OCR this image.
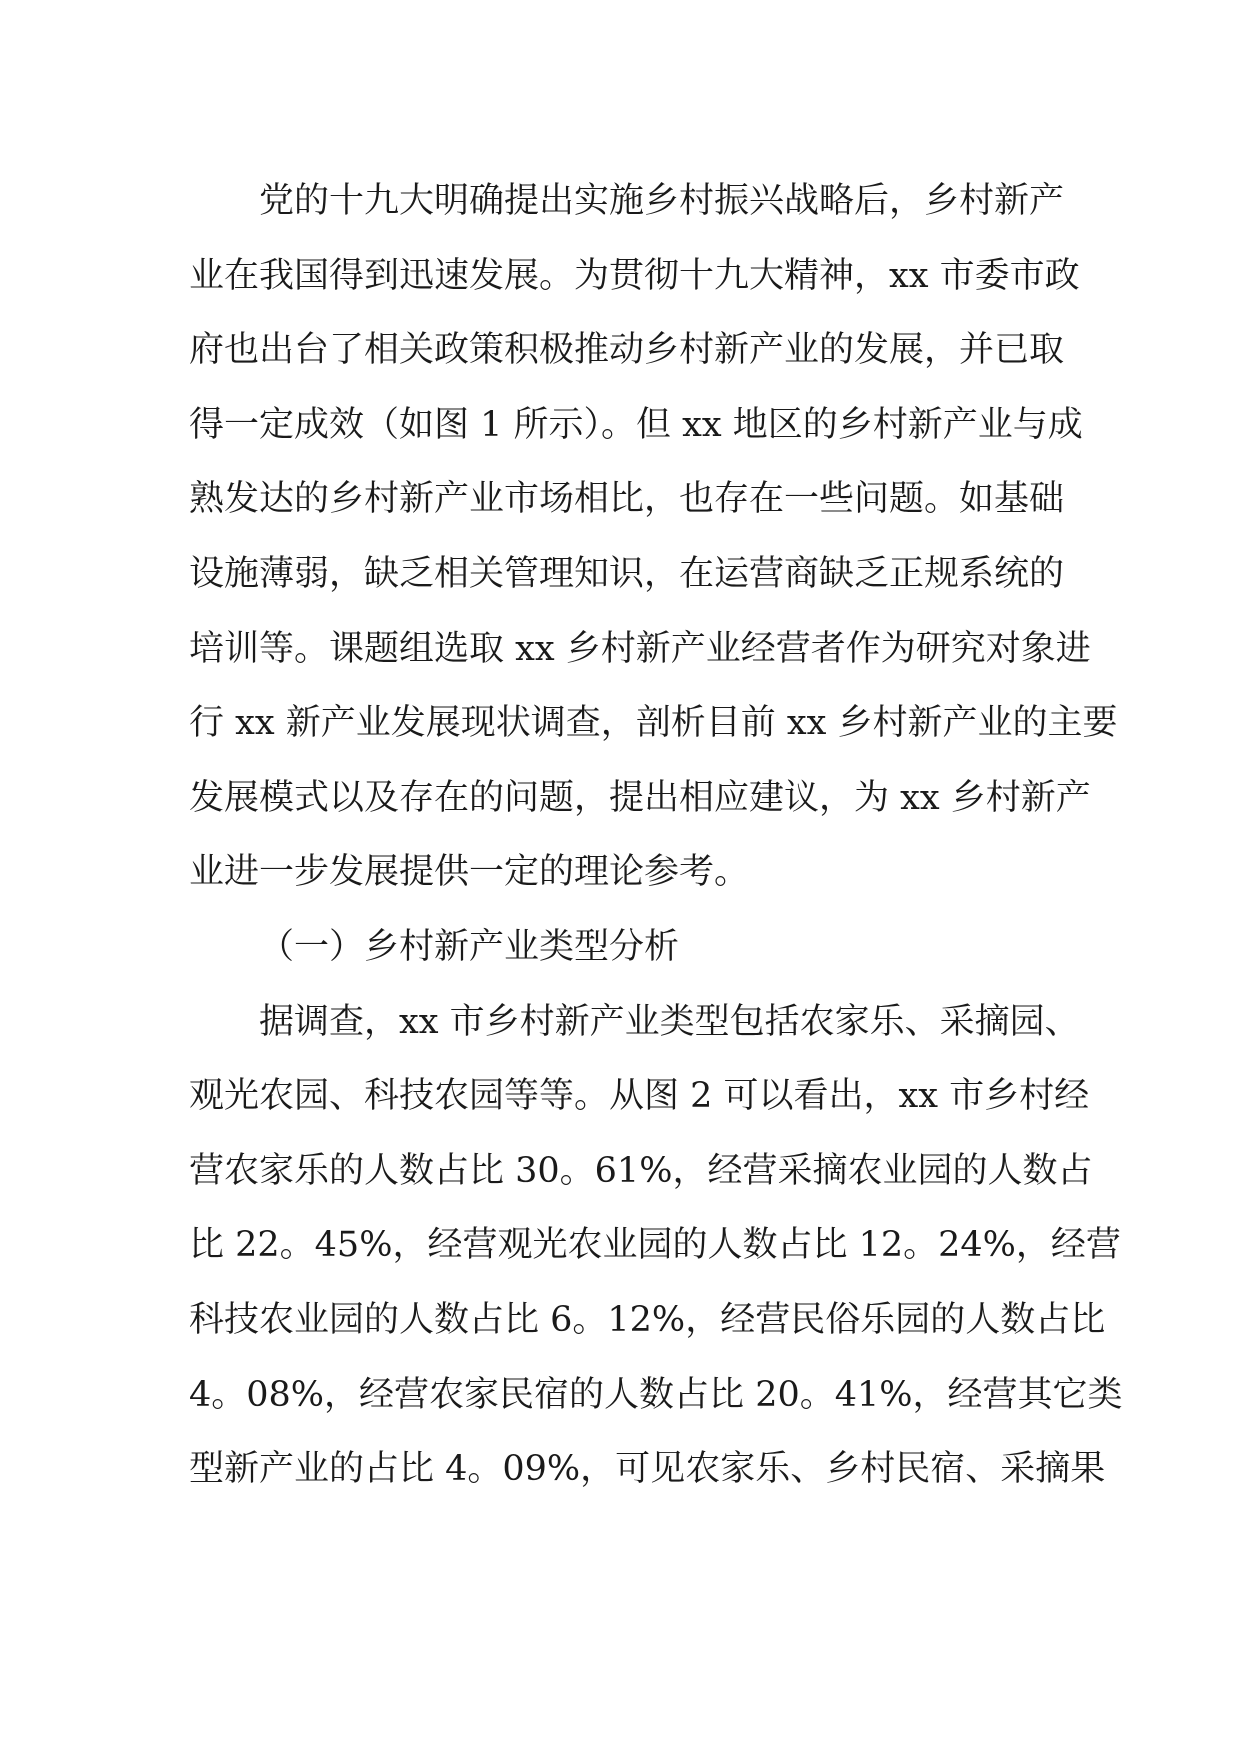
党的十九大明确提出实施乡村振兴战略后，乡村新产
业在我国得到迅速发展。为贯彻十九大精神，xx 市委市政
府也出台了相关政策积极推动乡村新产业的发展，并已取
得一定成效（如图 1 所示）。但 xx 地区的乡村新产业与成
熟发达的乡村新产业市场相比，也存在一些问题。如基础
设施薄弱，缺乏相关管理知识，在运营商缺乏正规系统的
培训等。课题组选取 xx 乡村新产业经营者作为研究对象进
行 xx 新产业发展现状调查，剖析目前 xx 乡村新产业的主要
发展模式以及存在的问题，提出相应建议，为 xx 乡村新产
业进一步发展提供一定的理论参考。
（一）乡村新产业类型分析
据调查，xx 市乡村新产业类型包括农家乐、采摘园、
观光农园、科技农园等等。从图 2 可以看出，xx 市乡村经
营农家乐的人数占比 30。61%，经营采摘农业园的人数占
比 22。45%，经营观光农业园的人数占比 12。24%，经营
科技农业园的人数占比 6。12%，经营民俗乐园的人数占比
4。08%，经营农家民宿的人数占比 20。41%，经营其它类
型新产业的占比 4。09%，可见农家乐、乡村民宿、采摘果
